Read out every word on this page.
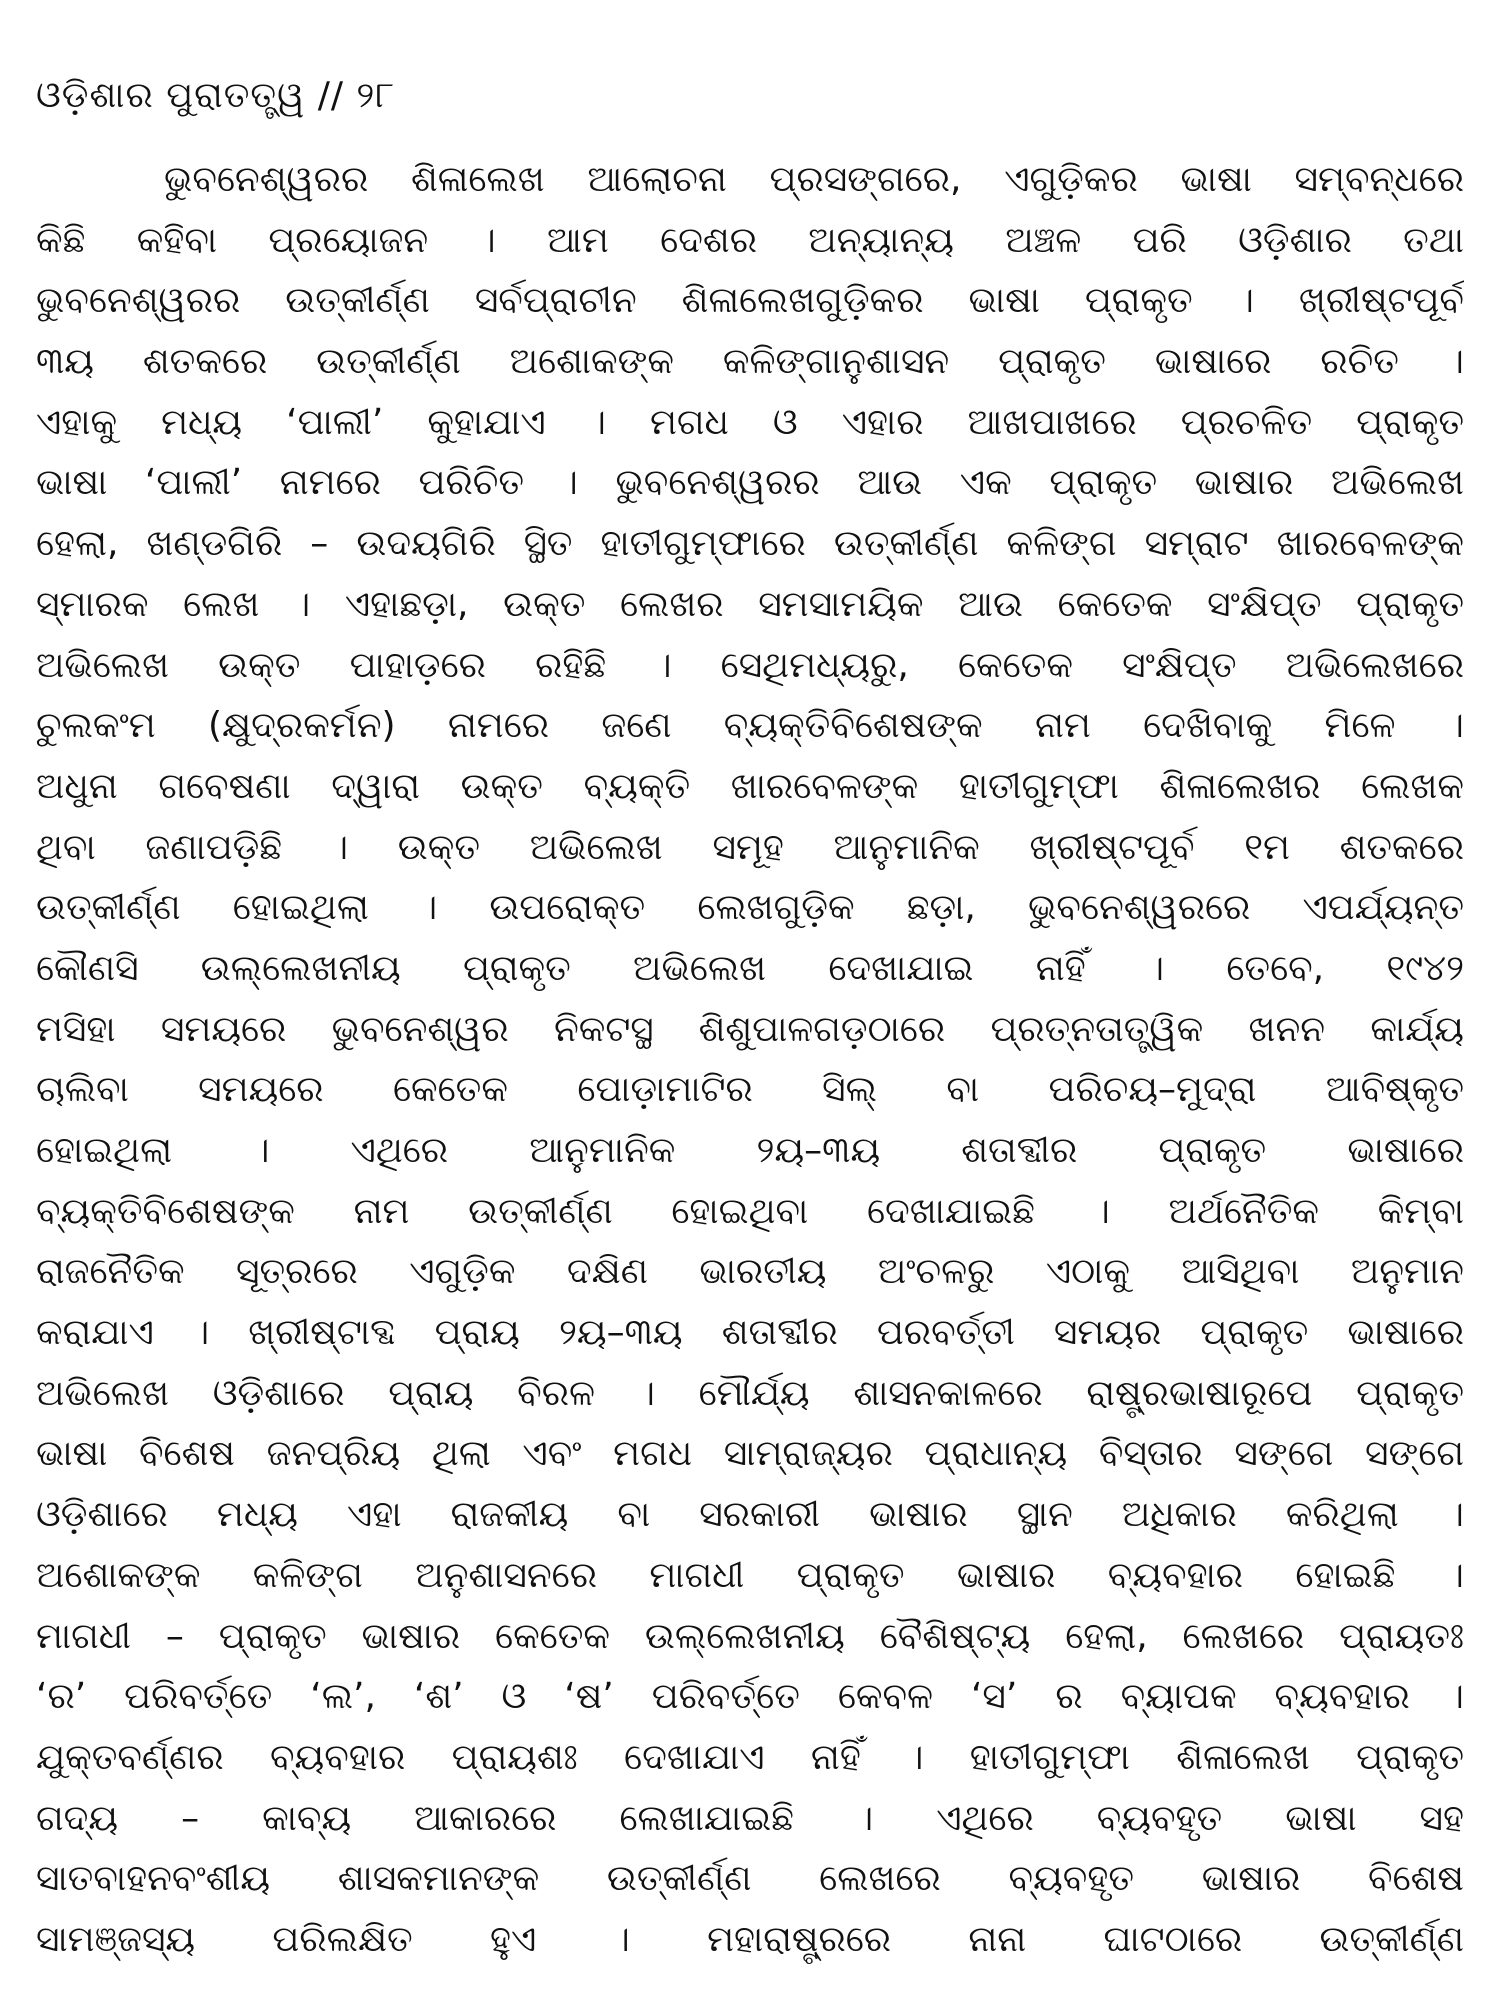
ଓଡ଼ିଶାର ପୁରାତତ୍ତ୍ୱ // ୨୮
ଭୁବନେଶ୍ୱରର ଶିଳାଲେଖ ଆଲୋଚନା ପ୍ରସଙ୍ଗରେ, ଏଗୁଡ଼ିକର ଭାଷା ସମ୍ବନ୍ଧରେ
କିଛି କହିବା ପ୍ରୟୋଜନ । ଆମ ଦେଶର ଅନ୍ୟାନ୍ୟ ଅଞ୍ଚଳ ପରି ଓଡ଼ିଶାର ତଥା
ଭୁବନେଶ୍ୱରର ଉତ୍‌କୀର୍ଣ୍ଣ ସର୍ବପ୍ରାଚୀନ ଶିଳାଲେଖଗୁଡ଼ିକର ଭାଷା ପ୍ରାକୃତ । ଖ୍ରୀଷ୍ଟପୂର୍ବ
୩ୟ ଶତକରେ ଉତ୍‌କୀର୍ଣ୍ଣ ଅଶୋକଙ୍କ କଳିଙ୍ଗାନୁଶାସନ ପ୍ରାକୃତ ଭାଷାରେ ରଚିତ ।
ଏହାକୁ ମଧ୍ୟ ‘ପାଲୀ’ କୁହାଯାଏ । ମଗଧ ଓ ଏହାର ଆଖପାଖରେ ପ୍ରଚଳିତ ପ୍ରାକୃତ
ଭାଷା ‘ପାଲୀ’ ନାମରେ ପରିଚିତ । ଭୁବନେଶ୍ୱରର ଆଉ ଏକ ପ୍ରାକୃତ ଭାଷାର ଅଭିଲେଖ
ହେଲା, ଖଣ୍ଡଗିରି – ଉଦୟଗିରି ସ୍ଥିତ ହାତୀଗୁମ୍ଫାରେ ଉତ୍‌କୀର୍ଣ୍ଣ କଳିଙ୍ଗ ସମ୍ରାଟ ଖାରବେଳଙ୍କ
ସ୍ମାରକ ଲେଖ । ଏହାଛଡ଼ା, ଉକ୍ତ ଲେଖର ସମସାମୟିକ ଆଉ କେତେକ ସଂକ୍ଷିପ୍ତ ପ୍ରାକୃତ
ଅଭିଲେଖ ଉକ୍ତ ପାହାଡ଼ରେ ରହିଛି । ସେଥିମଧ୍ୟରୁ, କେତେକ ସଂକ୍ଷିପ୍ତ ଅଭିଲେଖରେ
ଚୁଲକଂମ (କ୍ଷୁଦ୍ରକର୍ମନ) ନାମରେ ଜଣେ ବ୍ୟକ୍ତିବିଶେଷଙ୍କ ନାମ ଦେଖିବାକୁ ମିଳେ ।
ଅଧୁନା ଗବେଷଣା ଦ୍ୱାରା ଉକ୍ତ ବ୍ୟକ୍ତି ଖାରବେଳଙ୍କ ହାତୀଗୁମ୍ଫା ଶିଳାଲେଖର ଲେଖକ
ଥିବା ଜଣାପଡ଼ିଛି । ଉକ୍ତ ଅଭିଲେଖ ସମୂହ ଆନୁମାନିକ ଖ୍ରୀଷ୍ଟପୂର୍ବ ୧ମ ଶତକରେ
ଉତ୍‌କୀର୍ଣ୍ଣ ହୋଇଥିଲା । ଉପରୋକ୍ତ ଲେଖଗୁଡ଼ିକ ଛଡ଼ା, ଭୁବନେଶ୍ୱରରେ ଏପର୍ଯ୍ୟନ୍ତ
କୌଣସି ଉଲ୍ଲେଖନୀୟ ପ୍ରାକୃତ ଅଭିଲେଖ ଦେଖାଯାଇ ନାହିଁ । ତେବେ, ୧୯୪୨
ମସିହା ସମୟରେ ଭୁବନେଶ୍ୱର ନିକଟସ୍ଥ ଶିଶୁପାଳଗଡ଼ଠାରେ ପ୍ରତ୍ନତାତ୍ତ୍ୱିକ ଖନନ କାର୍ଯ୍ୟ
ଚାଲିବା ସମୟରେ କେତେକ ପୋଡ଼ାମାଟିର ସିଲ୍ ବା ପରିଚୟ–ମୁଦ୍ରା ଆବିଷ୍କୃତ
ହୋଇଥିଲା । ଏଥିରେ ଆନୁମାନିକ ୨ୟ–୩ୟ ଶତାବ୍ଦୀର ପ୍ରାକୃତ ଭାଷାରେ
ବ୍ୟକ୍ତିବିଶେଷଙ୍କ ନାମ ଉତ୍‌କୀର୍ଣ୍ଣ ହୋଇଥିବା ଦେଖାଯାଇଛି । ଅର୍ଥନୈତିକ କିମ୍ବା
ରାଜନୈତିକ ସୂତ୍ରରେ ଏଗୁଡ଼ିକ ଦକ୍ଷିଣ ଭାରତୀୟ ଅଂଚଳରୁ ଏଠାକୁ ଆସିଥିବା ଅନୁମାନ
କରାଯାଏ । ଖ୍ରୀଷ୍ଟାବ୍ଦ ପ୍ରାୟ ୨ୟ–୩ୟ ଶତାବ୍ଦୀର ପରବର୍ତ୍ତୀ ସମୟର ପ୍ରାକୃତ ଭାଷାରେ
ଅଭିଲେଖ ଓଡ଼ିଶାରେ ପ୍ରାୟ ବିରଳ । ମୌର୍ଯ୍ୟ ଶାସନକାଳରେ ରାଷ୍ଟ୍ରଭାଷାରୂପେ ପ୍ରାକୃତ
ଭାଷା ବିଶେଷ ଜନପ୍ରିୟ ଥିଲା ଏବଂ ମଗଧ ସାମ୍ରାଜ୍ୟର ପ୍ରାଧାନ୍ୟ ବିସ୍ତାର ସଙ୍ଗେ ସଙ୍ଗେ
ଓଡ଼ିଶାରେ ମଧ୍ୟ ଏହା ରାଜକୀୟ ବା ସରକାରୀ ଭାଷାର ସ୍ଥାନ ଅଧିକାର କରିଥିଲା ।
ଅଶୋକଙ୍କ କଳିଙ୍ଗ ଅନୁଶାସନରେ ମାଗଧୀ ପ୍ରାକୃତ ଭାଷାର ବ୍ୟବହାର ହୋଇଛି ।
ମାଗଧୀ – ପ୍ରାକୃତ ଭାଷାର କେତେକ ଉଲ୍ଲେଖନୀୟ ବୈଶିଷ୍ଟ୍ୟ ହେଲା, ଲେଖରେ ପ୍ରାୟତଃ
‘ର’ ପରିବର୍ତ୍ତେ ‘ଲ’, ‘ଶ’ ଓ ‘ଷ’ ପରିବର୍ତ୍ତେ କେବଳ ‘ସ’ ର ବ୍ୟାପକ ବ୍ୟବହାର ।
ଯୁକ୍ତବର୍ଣ୍ଣର ବ୍ୟବହାର ପ୍ରାୟଶଃ ଦେଖାଯାଏ ନାହିଁ । ହାତୀଗୁମ୍ଫା ଶିଳାଲେଖ ପ୍ରାକୃତ
ଗଦ୍ୟ – କାବ୍ୟ ଆକାରରେ ଲେଖାଯାଇଛି । ଏଥିରେ ବ୍ୟବହୃତ ଭାଷା ସହ
ସାତବାହନବଂଶୀୟ ଶାସକମାନଙ୍କ ଉତ୍‌କୀର୍ଣ୍ଣ ଲେଖରେ ବ୍ୟବହୃତ ଭାଷାର ବିଶେଷ
ସାମଞ୍ଜସ୍ୟ ପରିଲକ୍ଷିତ ହୁଏ । ମହାରାଷ୍ଟ୍ରରେ ନାନା ଘାଟଠାରେ ଉତ୍‌କୀର୍ଣ୍ଣ
